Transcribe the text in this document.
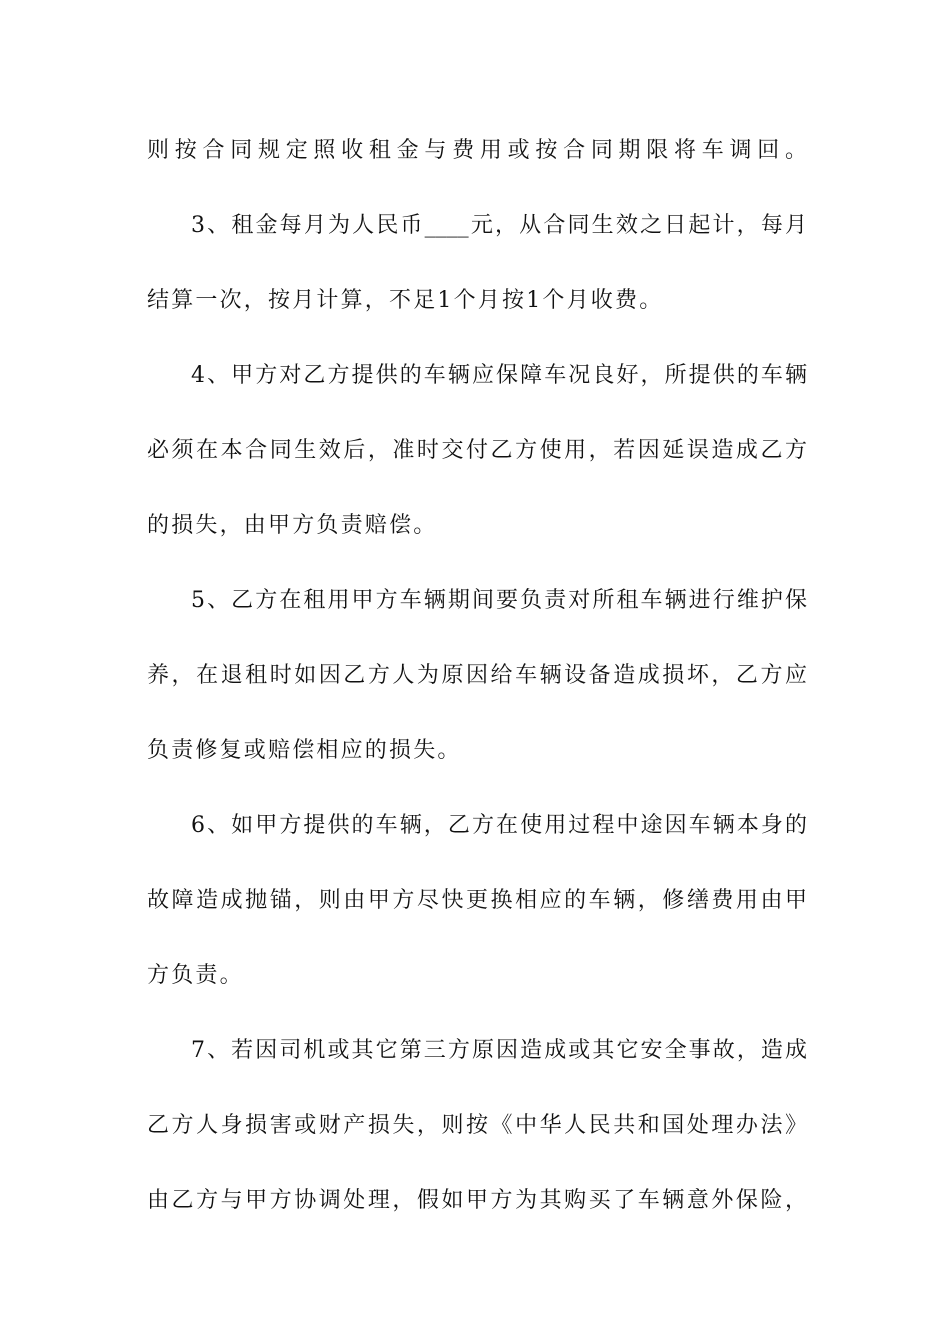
则按合同规定照收租金与费用或按合同期限将车调回。
3、租金每月为人民币____元，从合同生效之日起计，每月
结算一次，按月计算，不足1个月按1个月收费。
4、甲方对乙方提供的车辆应保障车况良好，所提供的车辆
必须在本合同生效后，准时交付乙方使用，若因延误造成乙方
的损失，由甲方负责赔偿。
5、乙方在租用甲方车辆期间要负责对所租车辆进行维护保
养，在退租时如因乙方人为原因给车辆设备造成损坏，乙方应
负责修复或赔偿相应的损失。
6、如甲方提供的车辆，乙方在使用过程中途因车辆本身的
故障造成抛锚，则由甲方尽快更换相应的车辆，修缮费用由甲
方负责。
7、若因司机或其它第三方原因造成或其它安全事故，造成
乙方人身损害或财产损失，则按《中华人民共和国处理办法》
由乙方与甲方协调处理，假如甲方为其购买了车辆意外保险，
